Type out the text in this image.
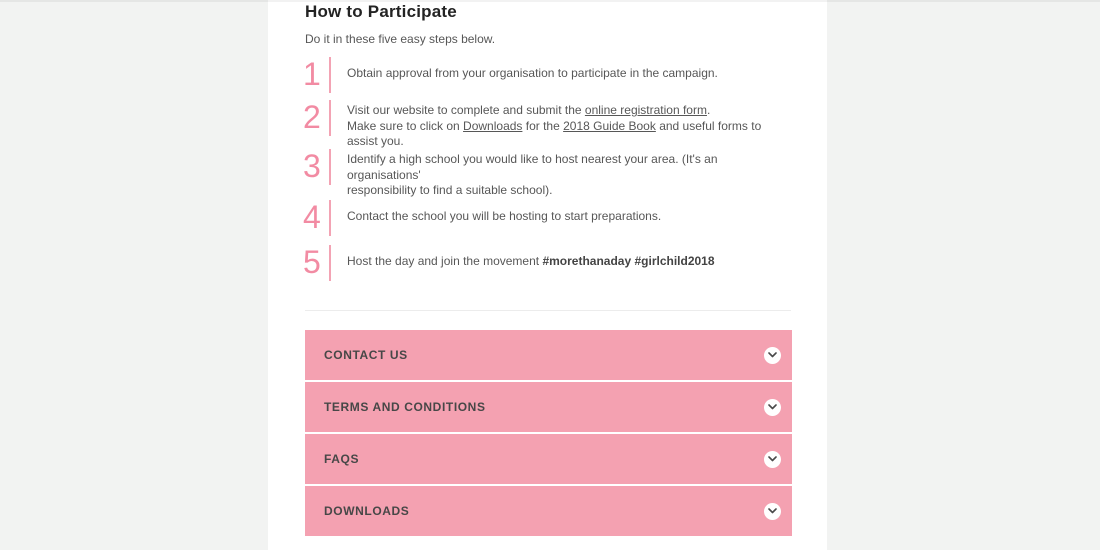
How to Participate

Do it in these five easy steps below.

1	Obtain approval from your organisation to participate in the campaign.
2	Visit our website to complete and submit the online registration form.
Make sure to click on Downloads for the 2018 Guide Book and useful forms to assist you.
3	Identify a high school you would like to host nearest your area. (It's an organisations'
responsibility to find a suitable school).
4	Contact the school you will be hosting to start preparations.
5	Host the day and join the movement #morethanaday #girlchild2018
CONTACT US
TERMS AND CONDITIONS
FAQS
DOWNLOADS
